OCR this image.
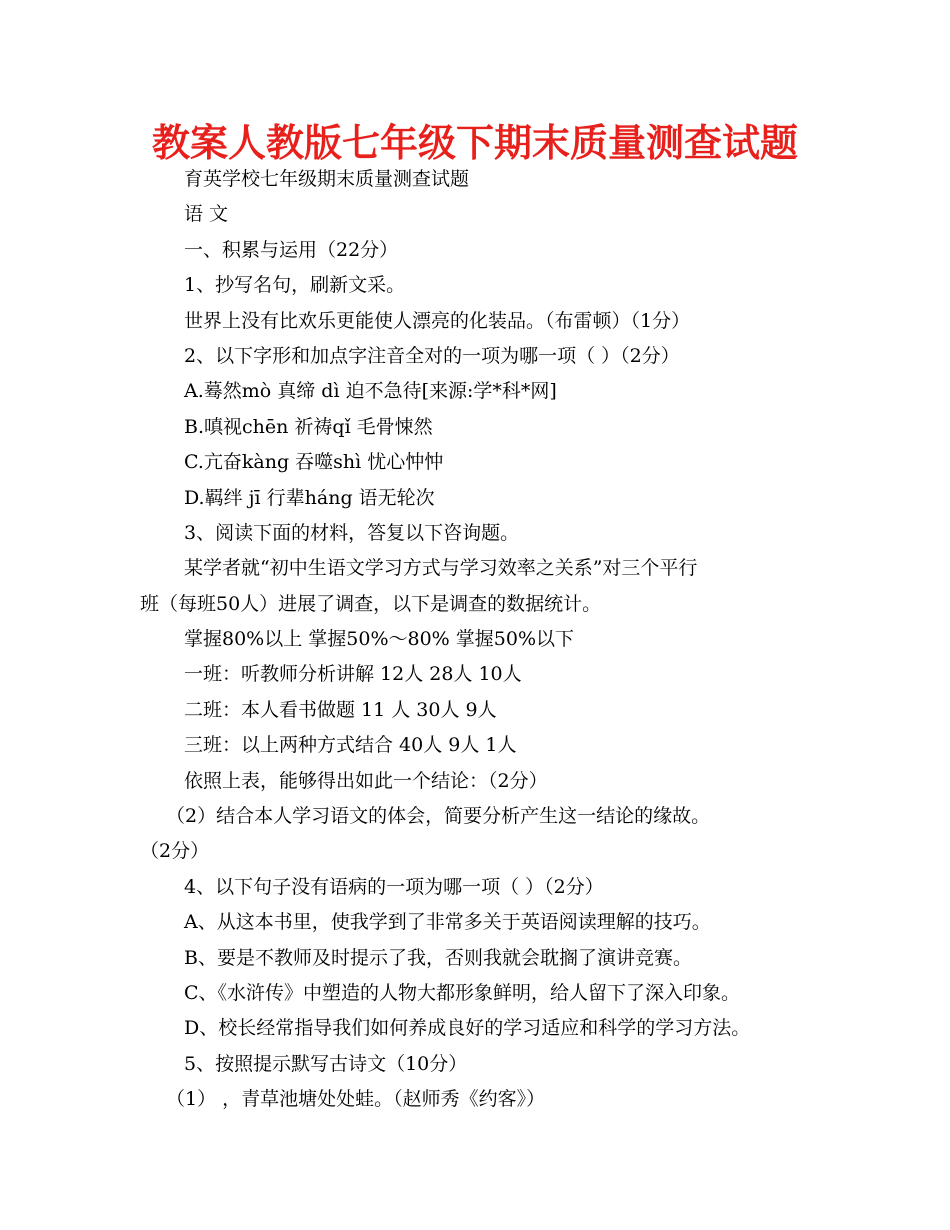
教案人教版七年级下期末质量测查试题
育英学校七年级期末质量测查试题
语 文
一、积累与运用（22分）
1、抄写名句，刷新文采。
世界上没有比欢乐更能使人漂亮的化装品。（布雷顿）（1分）
2、以下字形和加点字注音全对的一项为哪一项（ ）（2分）
A.蓦然mò 真缔 dì 迫不急待[来源:学*科*网]
B.嗔视chēn 祈祷qǐ 毛骨悚然
C.亢奋kàng 吞噬shì 忧心忡忡
D.羁绊 jī 行辈háng 语无轮次
3、阅读下面的材料，答复以下咨询题。
某学者就“初中生语文学习方式与学习效率之关系”对三个平行
班（每班50人）进展了调查，以下是调查的数据统计。
掌握80%以上 掌握50%～80% 掌握50%以下
一班：听教师分析讲解 12人 28人 10人
二班：本人看书做题 11 人 30人 9人
三班：以上两种方式结合 40人 9人 1人
依照上表，能够得出如此一个结论：（2分）
（2）结合本人学习语文的体会，简要分析产生这一结论的缘故。
（2分）
4、以下句子没有语病的一项为哪一项（ ）（2分）
A、从这本书里，使我学到了非常多关于英语阅读理解的技巧。
B、要是不教师及时提示了我，否则我就会耽搁了演讲竞赛。
C、《水浒传》中塑造的人物大都形象鲜明，给人留下了深入印象。
D、校长经常指导我们如何养成良好的学习适应和科学的学习方法。
5、按照提示默写古诗文（10分）
（1） ，青草池塘处处蛙。（赵师秀《约客》）
